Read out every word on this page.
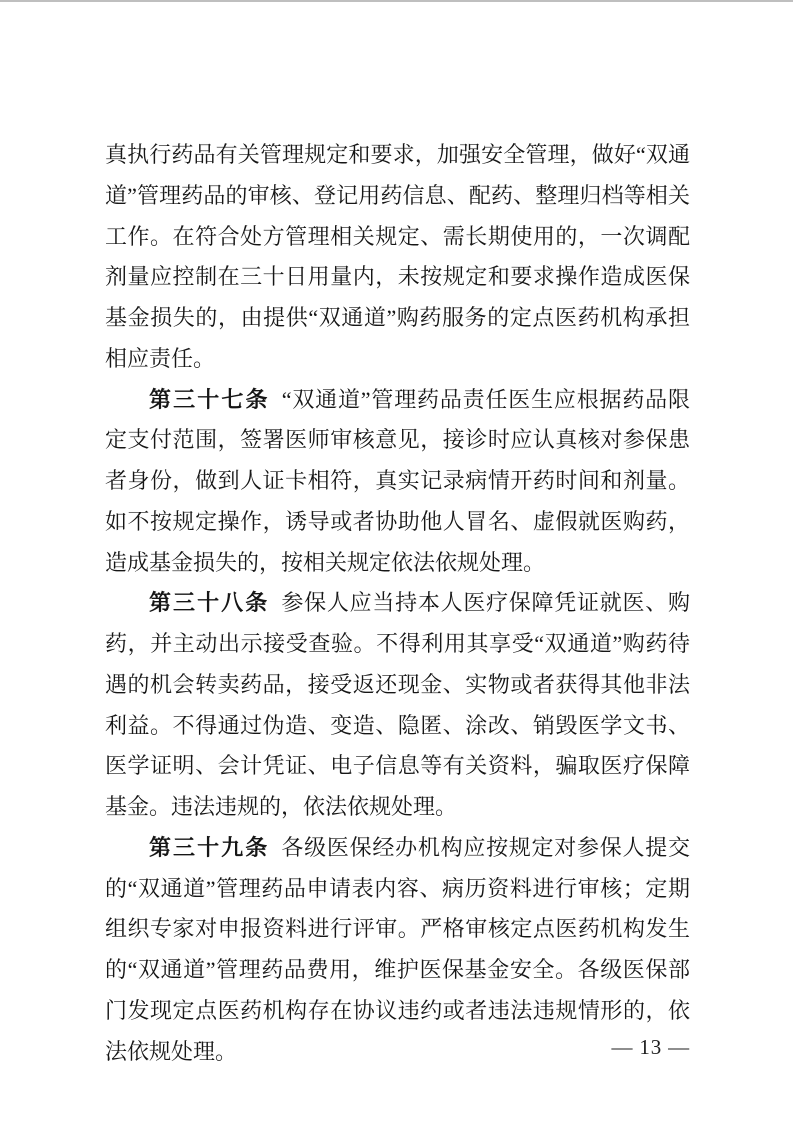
真执行药品有关管理规定和要求，加强安全管理，做好“双通道”管理药品的审核、登记用药信息、配药、整理归档等相关工作。在符合处方管理相关规定、需长期使用的，一次调配剂量应控制在三十日用量内，未按规定和要求操作造成医保基金损失的，由提供“双通道”购药服务的定点医药机构承担相应责任。

第三十七条 “双通道”管理药品责任医生应根据药品限定支付范围，签署医师审核意见，接诊时应认真核对参保患者身份，做到人证卡相符，真实记录病情开药时间和剂量。如不按规定操作，诱导或者协助他人冒名、虚假就医购药，造成基金损失的，按相关规定依法依规处理。

第三十八条 参保人应当持本人医疗保障凭证就医、购药，并主动出示接受查验。不得利用其享受“双通道”购药待遇的机会转卖药品，接受返还现金、实物或者获得其他非法利益。不得通过伪造、变造、隐匿、涂改、销毁医学文书、医学证明、会计凭证、电子信息等有关资料，骗取医疗保障基金。违法违规的，依法依规处理。

第三十九条 各级医保经办机构应按规定对参保人提交的“双通道”管理药品申请表内容、病历资料进行审核；定期组织专家对申报资料进行评审。严格审核定点医药机构发生的“双通道”管理药品费用，维护医保基金安全。各级医保部门发现定点医药机构存在协议违约或者违法违规情形的，依法依规处理。	— 13 —
